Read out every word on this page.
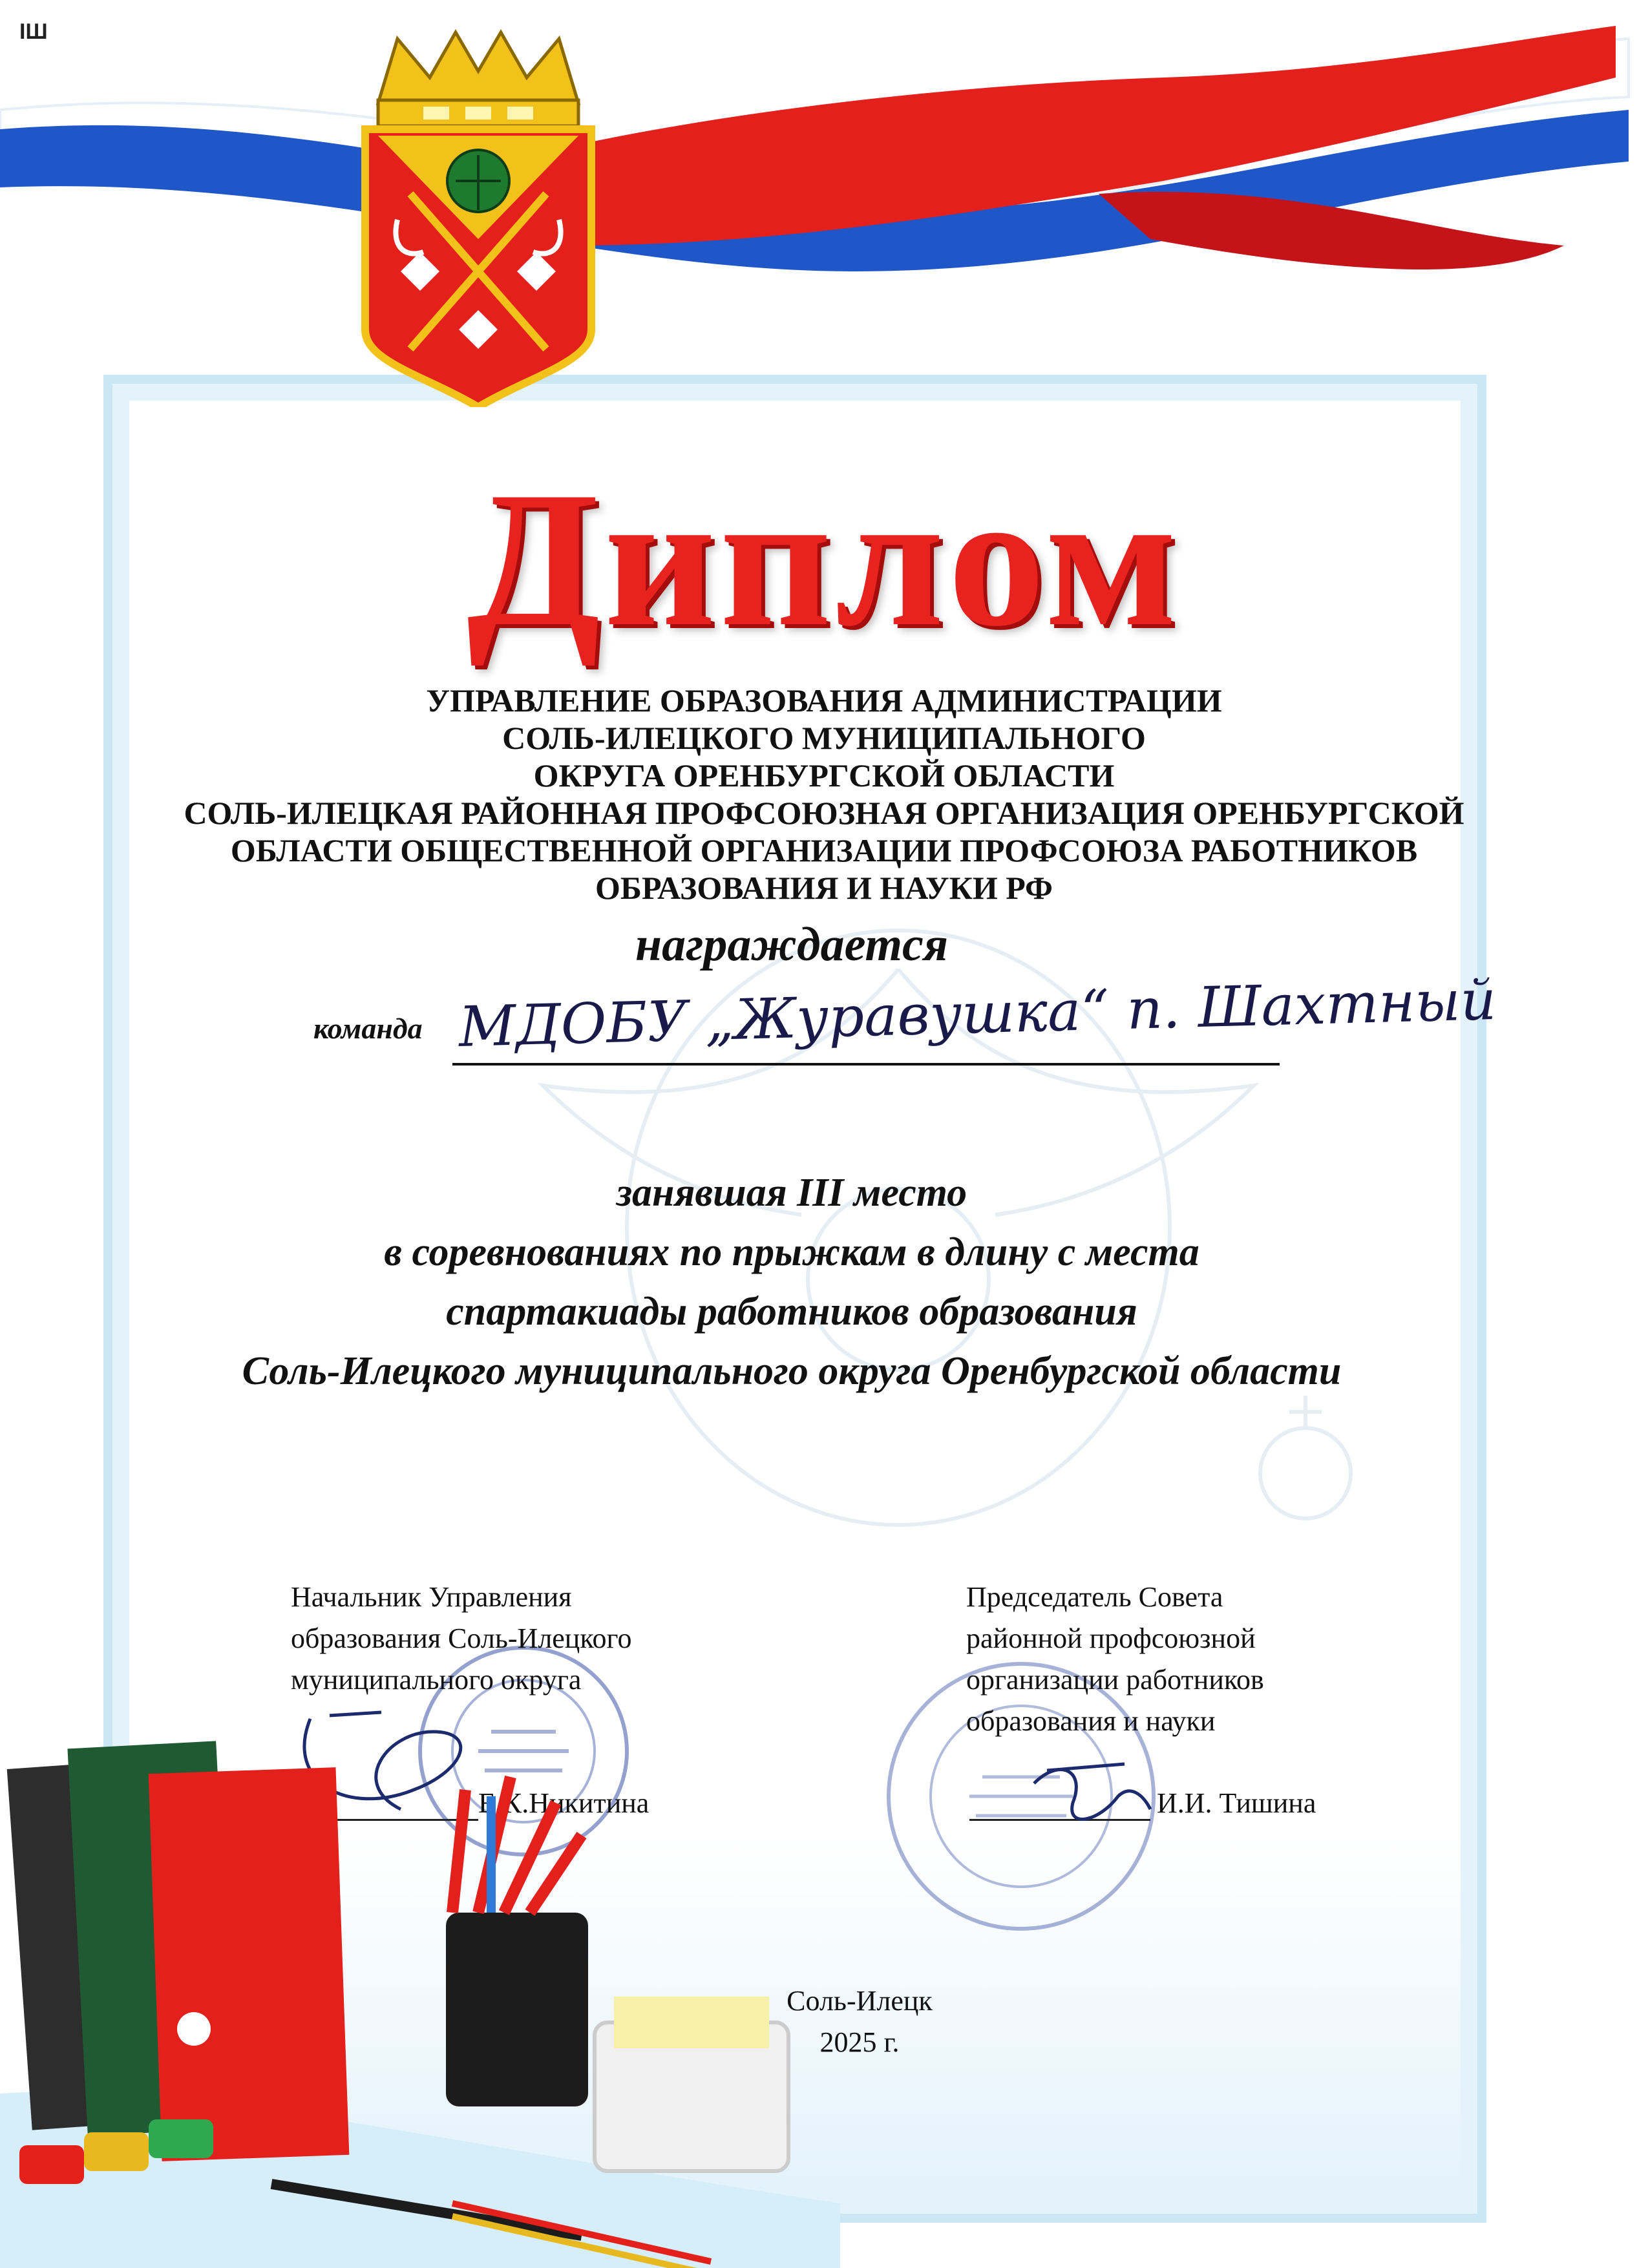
IШ
Диплом
УПРАВЛЕНИЕ ОБРАЗОВАНИЯ АДМИНИСТРАЦИИ
СОЛЬ-ИЛЕЦКОГО МУНИЦИПАЛЬНОГО
ОКРУГА ОРЕНБУРГСКОЙ ОБЛАСТИ
СОЛЬ-ИЛЕЦКАЯ РАЙОННАЯ ПРОФСОЮЗНАЯ ОРГАНИЗАЦИЯ ОРЕНБУРГСКОЙ
ОБЛАСТИ ОБЩЕСТВЕННОЙ ОРГАНИЗАЦИИ ПРОФСОЮЗА РАБОТНИКОВ
ОБРАЗОВАНИЯ И НАУКИ РФ
награждается
команда МДОБУ „Журавушка“ п. Шахтный
занявшая III место
в соревнованиях по прыжкам в длину с места
спартакиады работников образования
Соль-Илецкого муниципального округа Оренбургской области
Начальник Управления
образования Соль-Илецкого
муниципального округа
Председатель Совета
районной профсоюзной
организации работников
образования и науки
Е.К.Никитина	И.И. Тишина
Соль-Илецк
2025 г.
